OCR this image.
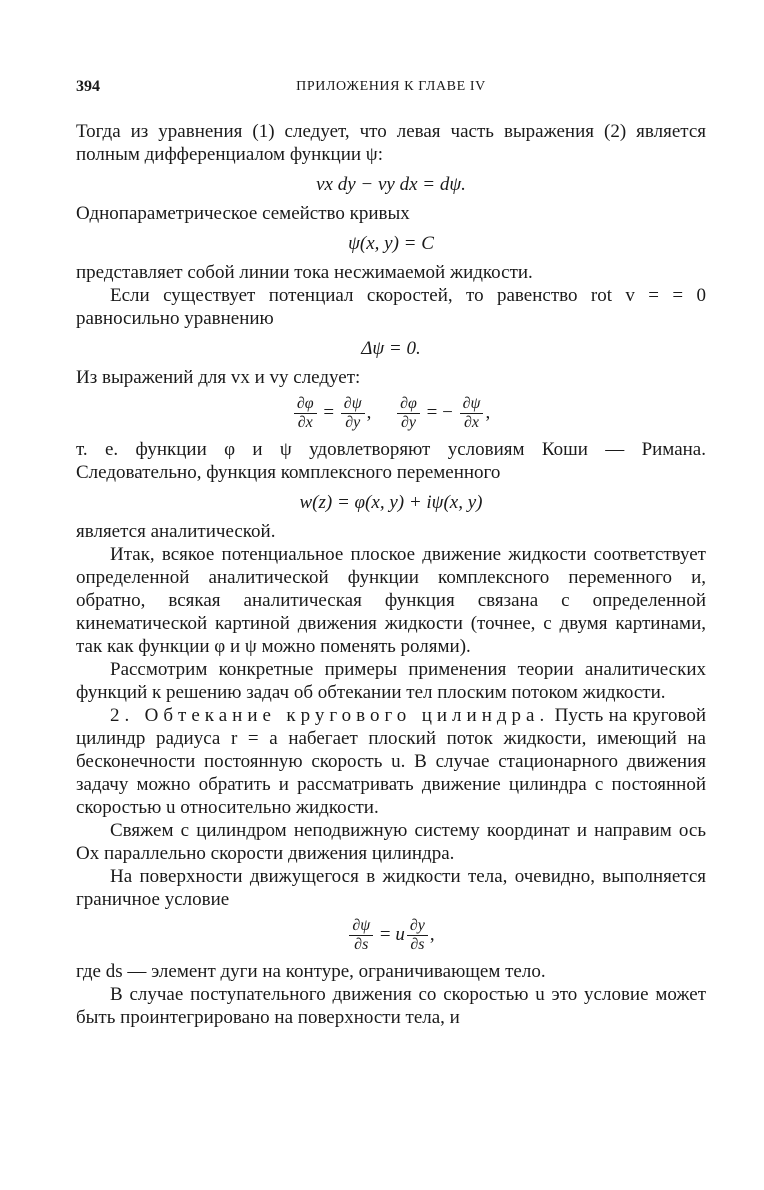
394	ПРИЛОЖЕНИЯ К ГЛАВЕ IV

Тогда из уравнения (1) следует, что левая часть выражения (2) является полным дифференциалом функции ψ:

vx dy − vy dx = dψ.

Однопараметрическое семейство кривых

ψ(x, y) = C

представляет собой линии тока несжимаемой жидкости.

Если существует потенциал скоростей, то равенство rot v = = 0 равносильно уравнению

Δψ = 0.

Из выражений для vx и vy следует:

$\frac{\partial\varphi}{\partial x} = \frac{\partial\psi}{\partial y}$ , $\frac{\partial\varphi}{\partial y}$ = − $\frac{\partial\psi}{\partial x}$ ,

т. е. функции φ и ψ удовлетворяют условиям Коши — Римана. Следовательно, функция комплексного переменного

w(z) = φ(x, y) + iψ(x, y)

является аналитической.

Итак, всякое потенциальное плоское движение жидкости соответствует определенной аналитической функции комплексного переменного и, обратно, всякая аналитическая функция связана с определенной кинематической картиной движения жидкости (точнее, с двумя картинами, так как функции φ и ψ можно поменять ролями).

Рассмотрим конкретные примеры применения теории аналитических функций к решению задач об обтекании тел плоским потоком жидкости.

2. Обтекание кругового цилиндра. Пусть на круговой цилиндр радиуса r = a набегает плоский поток жидкости, имеющий на бесконечности постоянную скорость u. В случае стационарного движения задачу можно обратить и рассматривать движение цилиндра с постоянной скоростью u относительно жидкости.

Свяжем с цилиндром неподвижную систему координат и направим ось Ox параллельно скорости движения цилиндра.

На поверхности движущегося в жидкости тела, очевидно, выполняется граничное условие

$\frac{\partial\psi}{\partial s} = u \frac{\partial y}{\partial s}$ ,

где ds — элемент дуги на контуре, ограничивающем тело.

В случае поступательного движения со скоростью u это условие может быть проинтегрировано на поверхности тела, и
